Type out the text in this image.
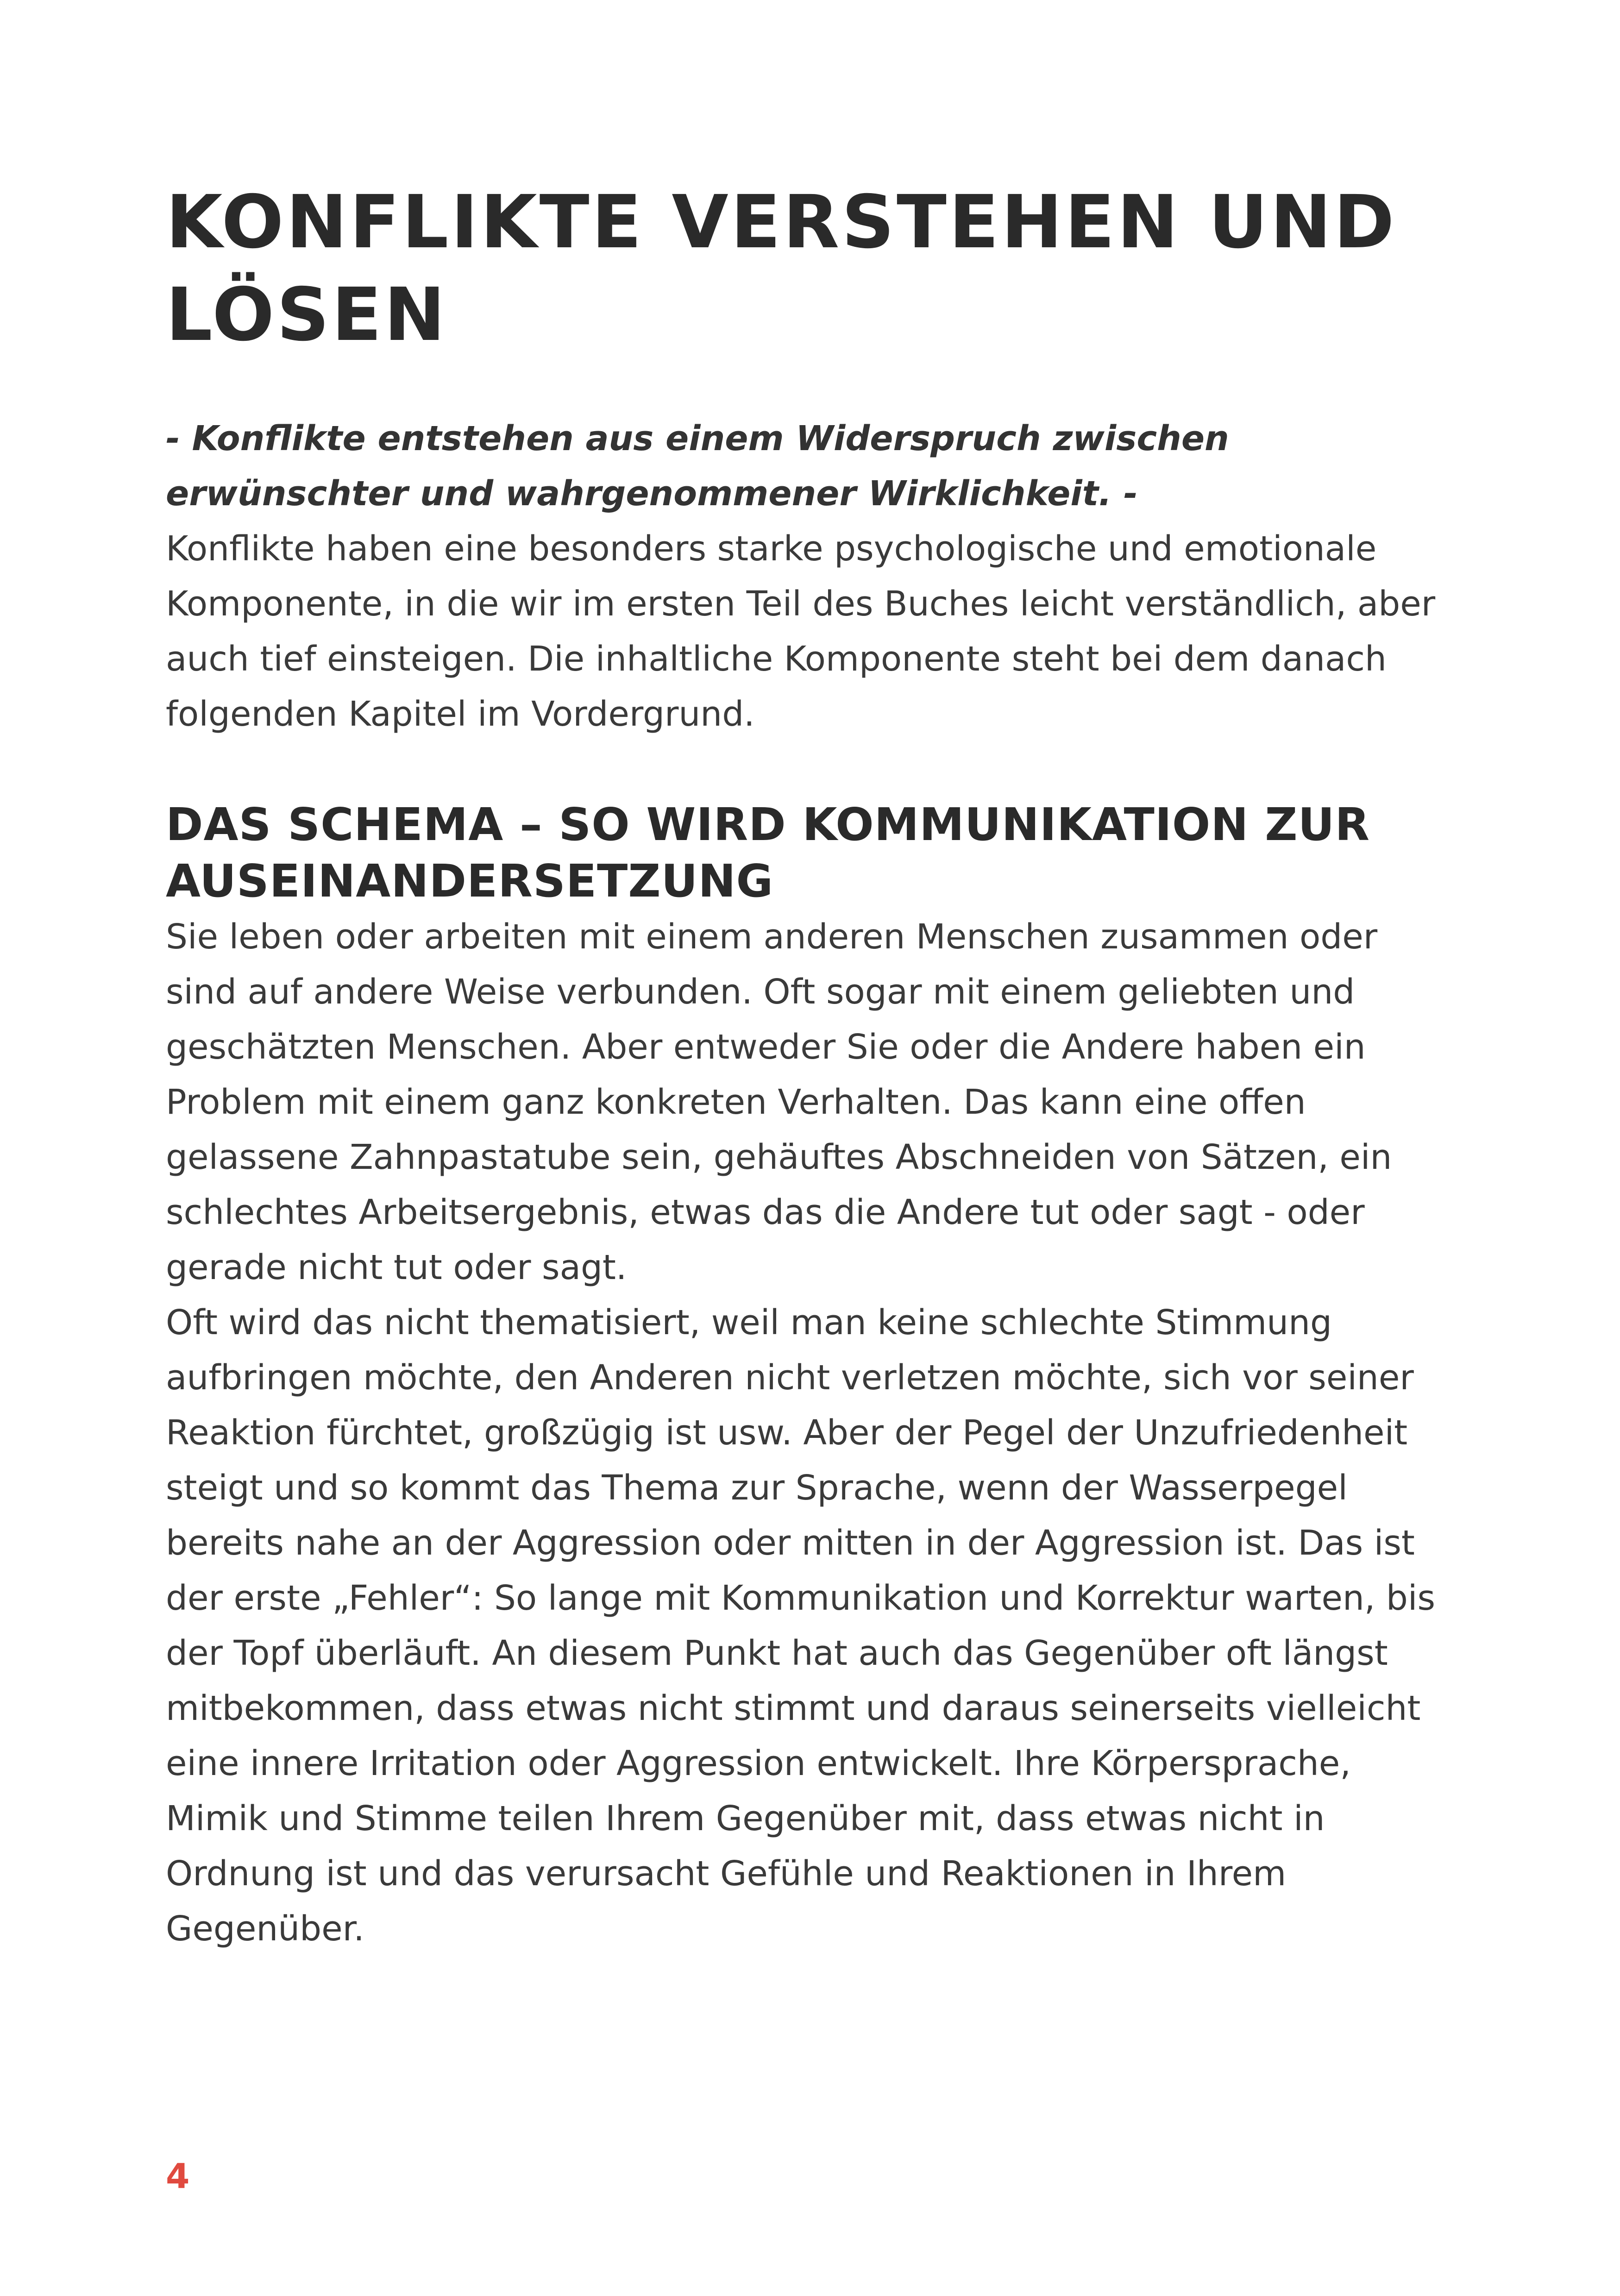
KONFLIKTE VERSTEHEN UND LÖSEN
- Konflikte entstehen aus einem Widerspruch zwischen erwünschter und wahrgenommener Wirklichkeit. -

Konflikte haben eine besonders starke psychologische und emotionale Komponente, in die wir im ersten Teil des Buches leicht verständlich, aber auch tief einsteigen. Die inhaltliche Komponente steht bei dem danach folgenden Kapitel im Vordergrund.

DAS SCHEMA – SO WIRD KOMMUNIKATION ZUR AUSEINANDERSETZUNG

Sie leben oder arbeiten mit einem anderen Menschen zusammen oder sind auf andere Weise verbunden. Oft sogar mit einem geliebten und geschätzten Menschen. Aber entweder Sie oder die Andere haben ein Problem mit einem ganz konkreten Verhalten. Das kann eine offen gelassene Zahnpastatube sein, gehäuftes Abschneiden von Sätzen, ein schlechtes Arbeitsergebnis, etwas das die Andere tut oder sagt - oder gerade nicht tut oder sagt.

Oft wird das nicht thematisiert, weil man keine schlechte Stimmung aufbringen möchte, den Anderen nicht verletzen möchte, sich vor seiner Reaktion fürchtet, großzügig ist usw. Aber der Pegel der Unzufriedenheit steigt und so kommt das Thema zur Sprache, wenn der Wasserpegel bereits nahe an der Aggression oder mitten in der Aggression ist. Das ist der erste „Fehler“: So lange mit Kommunikation und Korrektur warten, bis der Topf überläuft. An diesem Punkt hat auch das Gegenüber oft längst mitbekommen, dass etwas nicht stimmt und daraus seinerseits vielleicht eine innere Irritation oder Aggression entwickelt. Ihre Körpersprache, Mimik und Stimme teilen Ihrem Gegenüber mit, dass etwas nicht in Ordnung ist und das verursacht Gefühle und Reaktionen in Ihrem Gegenüber.

4
